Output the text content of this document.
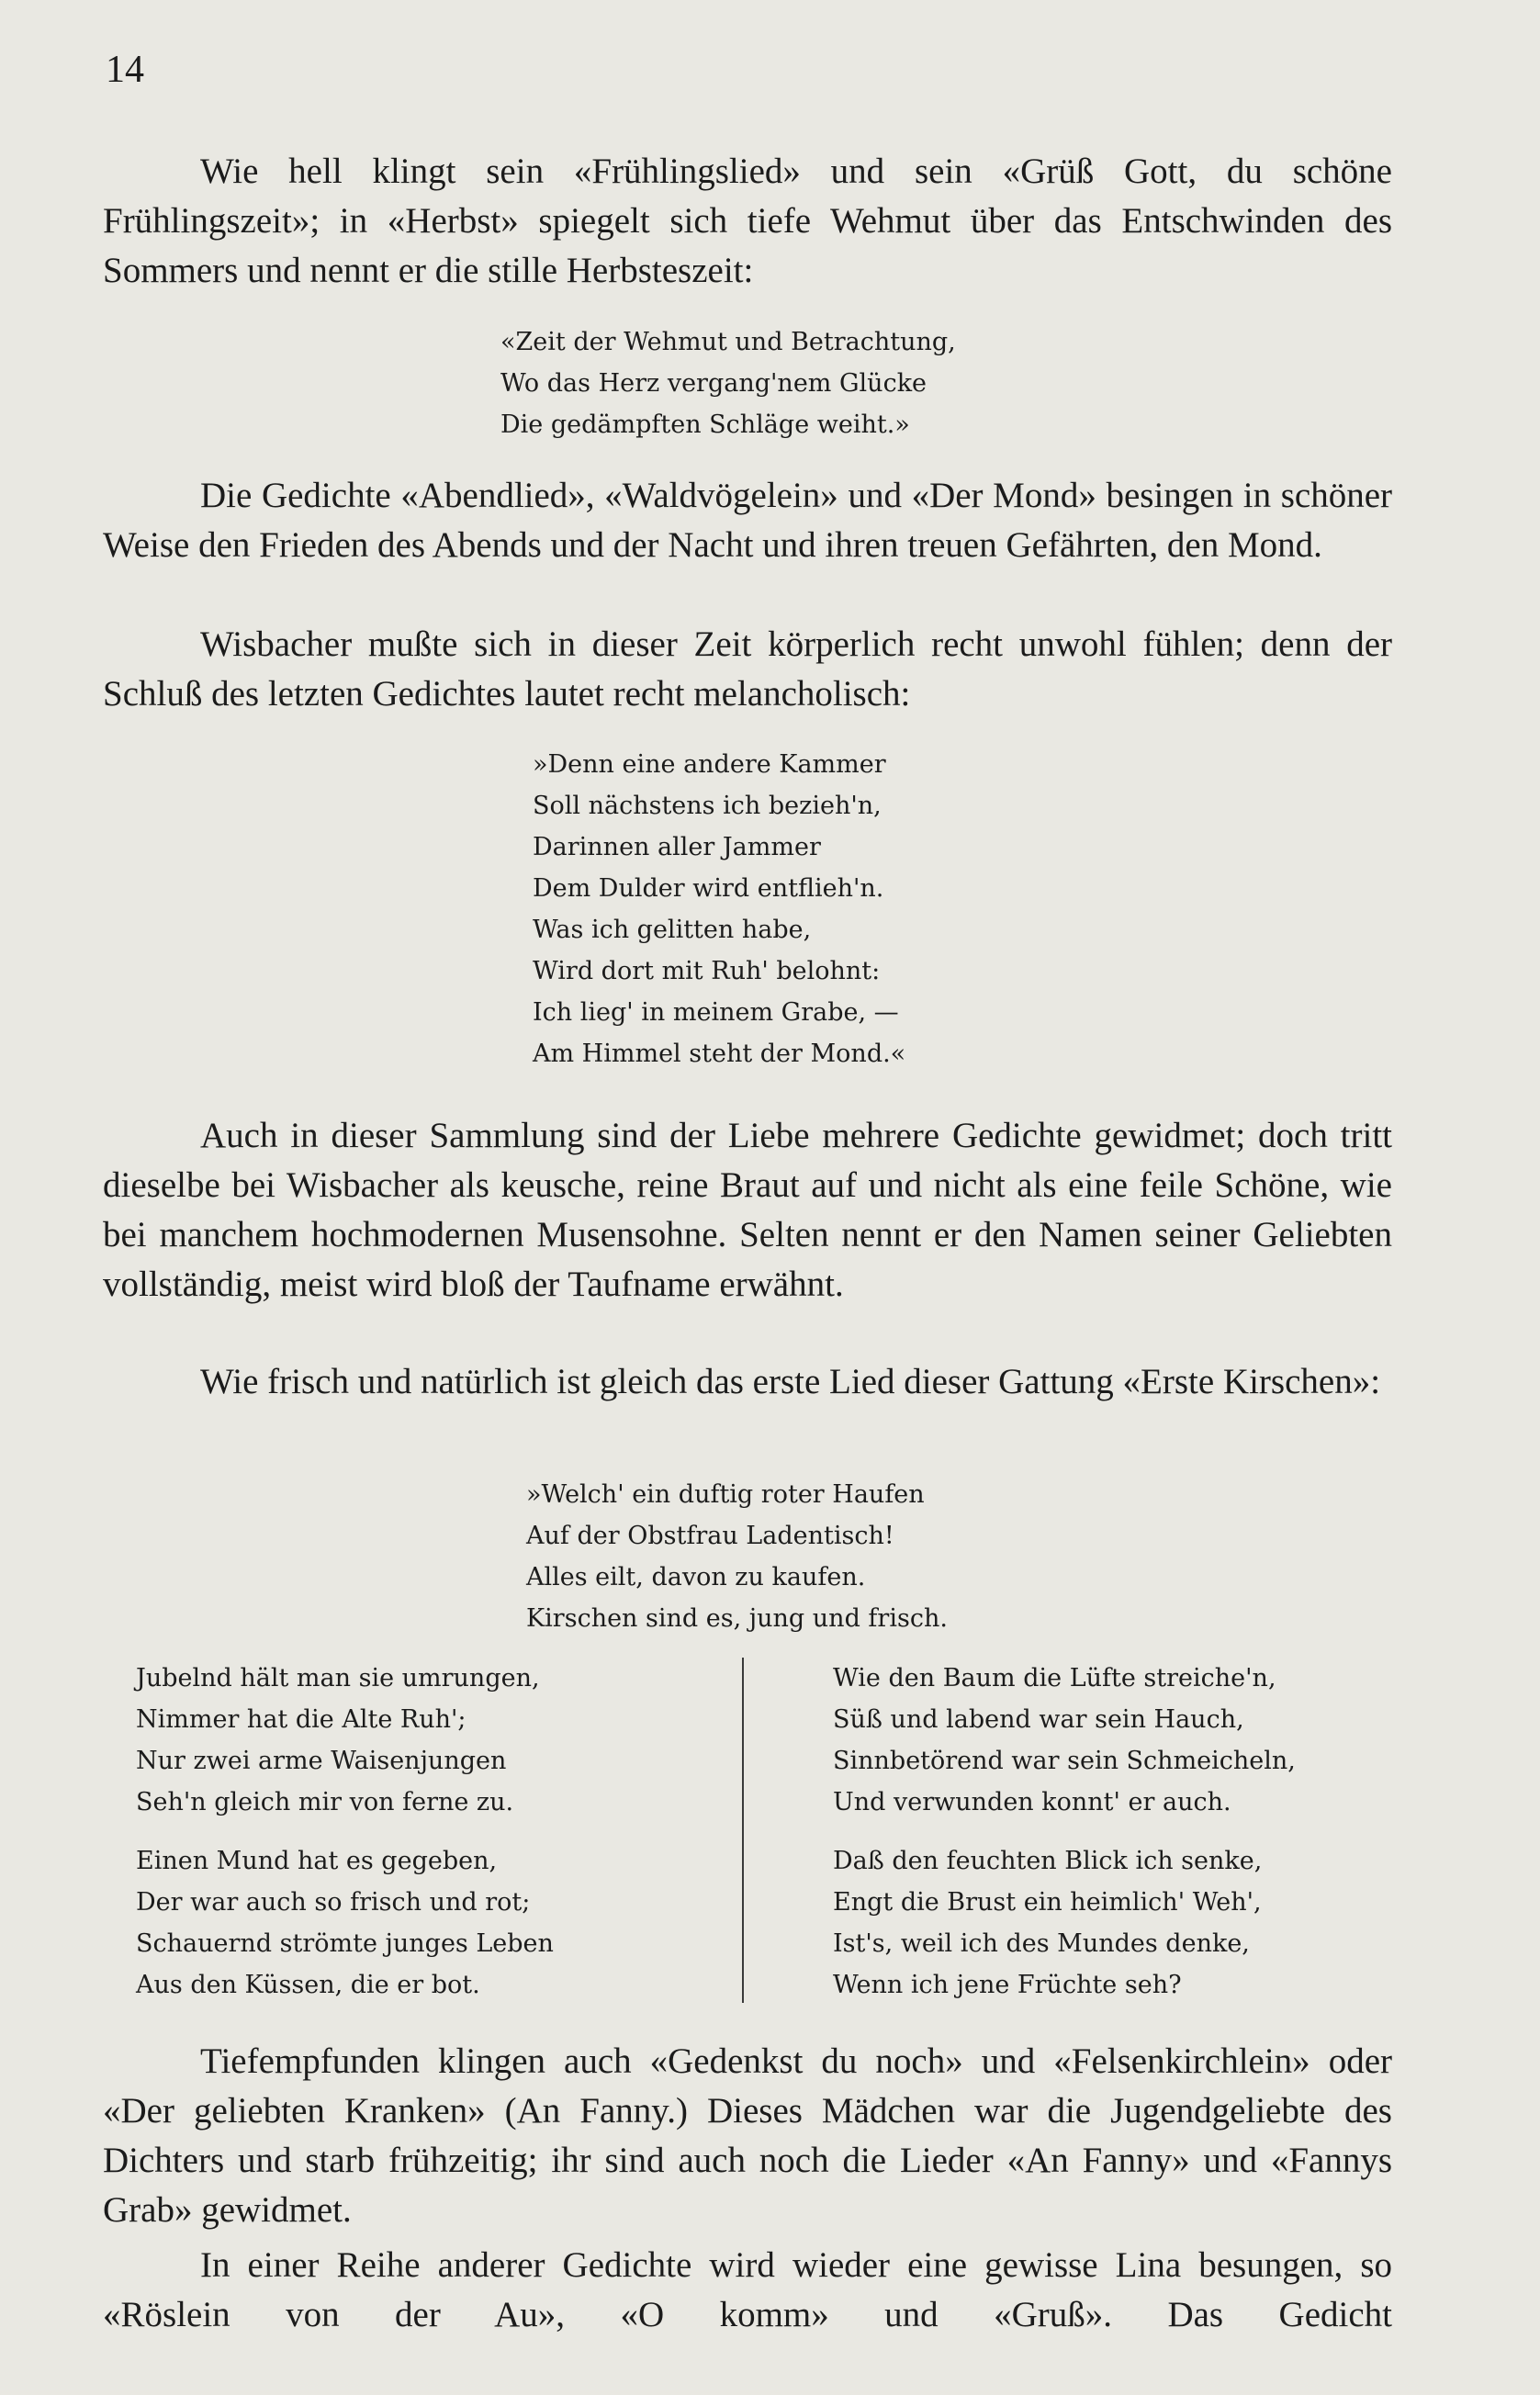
14

Wie hell klingt sein «Frühlingslied» und sein «Grüß Gott, du schöne Frühlingszeit»; in «Herbst» spiegelt sich tiefe Wehmut über das Entschwinden des Sommers und nennt er die stille Herbsteszeit:

«Zeit der Wehmut und Betrachtung,
Wo das Herz vergang'nem Glücke
Die gedämpften Schläge weiht.»

Die Gedichte «Abendlied», «Waldvögelein» und «Der Mond» besingen in schöner Weise den Frieden des Abends und der Nacht und ihren treuen Gefährten, den Mond.

Wisbacher mußte sich in dieser Zeit körperlich recht unwohl fühlen; denn der Schluß des letzten Gedichtes lautet recht melancholisch:

»Denn eine andere Kammer
Soll nächstens ich bezieh'n,
Darinnen aller Jammer
Dem Dulder wird entflieh'n.
Was ich gelitten habe,
Wird dort mit Ruh' belohnt:
Ich lieg' in meinem Grabe, —
Am Himmel steht der Mond.«

Auch in dieser Sammlung sind der Liebe mehrere Gedichte gewidmet; doch tritt dieselbe bei Wisbacher als keusche, reine Braut auf und nicht als eine feile Schöne, wie bei manchem hochmodernen Musensohne. Selten nennt er den Namen seiner Geliebten vollständig, meist wird bloß der Taufname erwähnt.

Wie frisch und natürlich ist gleich das erste Lied dieser Gattung «Erste Kirschen»:

»Welch' ein duftig roter Haufen
Auf der Obstfrau Ladentisch!
Alles eilt, davon zu kaufen.
Kirschen sind es, jung und frisch.
Jubelnd hält man sie umrungen,
Nimmer hat die Alte Ruh';
Nur zwei arme Waisenjungen
Seh'n gleich mir von ferne zu.
Einen Mund hat es gegeben,
Der war auch so frisch und rot;
Schauernd strömte junges Leben
Aus den Küssen, die er bot.
Wie den Baum die Lüfte streiche'n,
Süß und labend war sein Hauch,
Sinnbetörend war sein Schmeicheln,
Und verwunden konnt' er auch.
Daß den feuchten Blick ich senke,
Engt die Brust ein heimlich' Weh',
Ist's, weil ich des Mundes denke,
Wenn ich jene Früchte seh?

Tiefempfunden klingen auch «Gedenkst du noch» und «Felsenkirchlein» oder «Der geliebten Kranken» (An Fanny.) Dieses Mädchen war die Jugendgeliebte des Dichters und starb frühzeitig; ihr sind auch noch die Lieder «An Fanny» und «Fannys Grab» gewidmet.

In einer Reihe anderer Gedichte wird wieder eine gewisse Lina besungen, so «Röslein von der Au», «O komm» und «Gruß». Das Gedicht
